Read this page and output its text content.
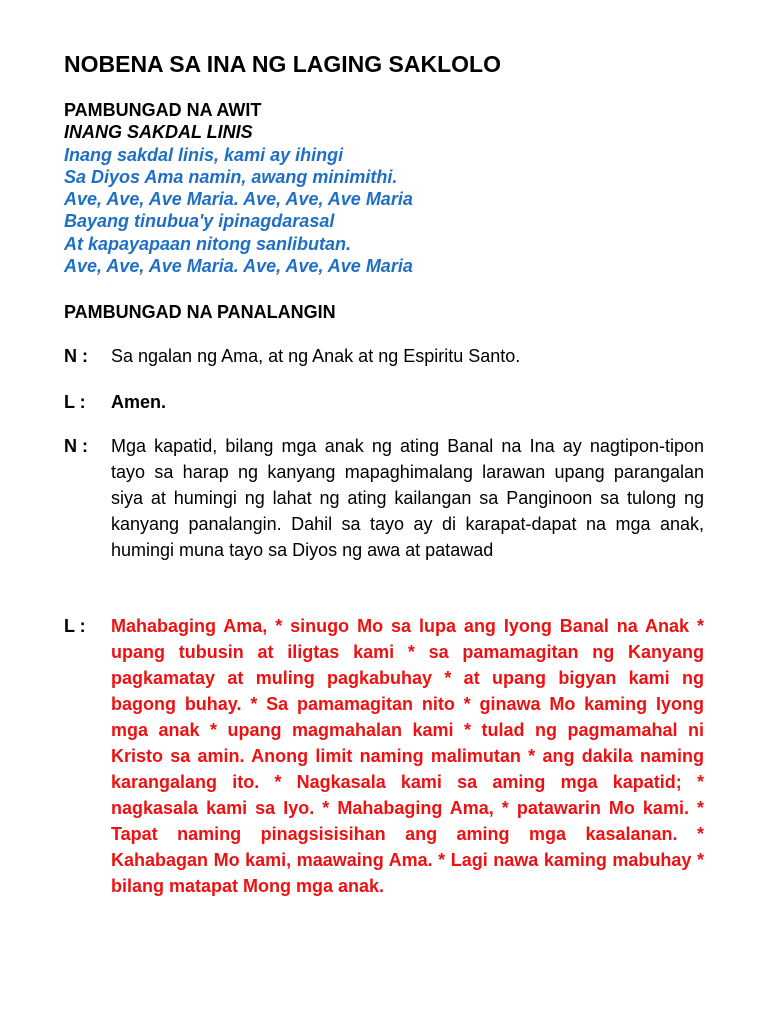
NOBENA SA INA NG LAGING SAKLOLO
PAMBUNGAD NA AWIT
INANG SAKDAL LINIS
Inang sakdal linis, kami ay ihingi
Sa Diyos Ama namin, awang minimithi.
Ave, Ave, Ave Maria. Ave, Ave, Ave Maria
Bayang tinubua'y ipinagdarasal
At kapayapaan nitong sanlibutan.
Ave, Ave, Ave Maria. Ave, Ave, Ave Maria
PAMBUNGAD NA PANALANGIN
N :	Sa ngalan ng Ama, at ng Anak at ng Espiritu Santo.
L :	Amen.
N :	Mga kapatid, bilang mga anak ng ating Banal na Ina ay nagtipon-tipon tayo sa harap ng kanyang mapaghimalang larawan upang parangalan siya at humingi ng lahat ng ating kailangan sa Panginoon sa tulong ng kanyang panalangin. Dahil sa tayo ay di karapat-dapat na mga anak, humingi muna tayo sa Diyos ng awa at patawad
L :	Mahabaging Ama, * sinugo Mo sa lupa ang Iyong Banal na Anak * upang tubusin at iligtas kami * sa pamamagitan ng Kanyang pagkamatay at muling pagkabuhay * at upang bigyan kami ng bagong buhay. * Sa pamamagitan nito * ginawa Mo kaming Iyong mga anak * upang magmahalan kami * tulad ng pagmamahal ni Kristo sa amin. Anong limit naming malimutan * ang dakila naming karangalang ito. * Nagkasala kami sa aming mga kapatid; * nagkasala kami sa Iyo. * Mahabaging Ama, * patawarin Mo kami. * Tapat naming pinagsisisihan ang aming mga kasalanan. * Kahabagan Mo kami, maawaing Ama. * Lagi nawa kaming mabuhay * bilang matapat Mong mga anak.
